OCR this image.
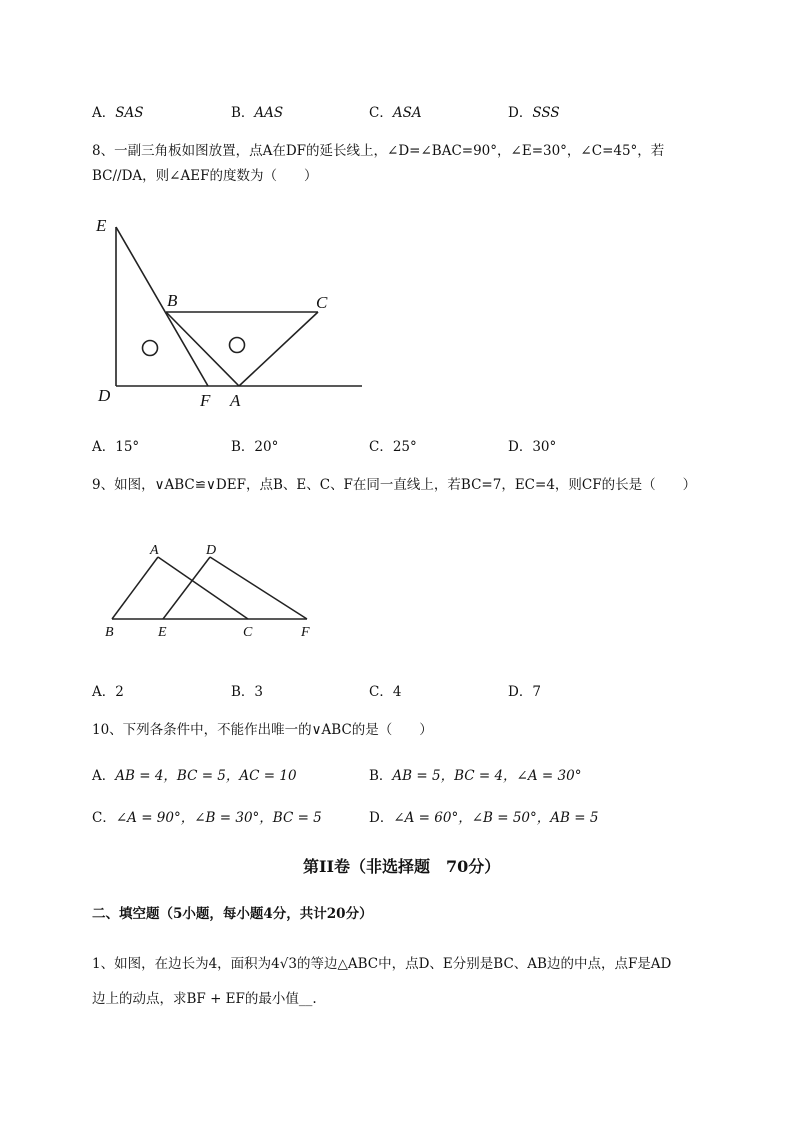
A．SAS	B．AAS	C．ASA	D．SSS
8、一副三角板如图放置，点A在DF的延长线上，∠D=∠BAC=90°，∠E=30°，∠C=45°，若
BC//DA，则∠AEF的度数为（　　）
E
B	C
D	F A
A．15°	B．20°	C．25°	D．30°
9、如图，∨ABC≌∨DEF，点B、E、C、F在同一直线上，若BC=7，EC=4，则CF的长是（　　）
A	D
B	E	C	F
A．2	B．3	C．4	D．7
10、下列各条件中，不能作出唯一的∨ABC的是（　　）
A．AB = 4，BC = 5，AC = 10	B．AB = 5，BC = 4，∠A = 30°
C．∠A = 90°，∠B = 30°，BC = 5	D．∠A = 60°，∠B = 50°，AB = 5
第II卷（非选择题　70分）
二、填空题（5小题，每小题4分，共计20分）
1、如图，在边长为4，面积为4√3的等边△ABC中，点D、E分别是BC、AB边的中点，点F是AD
边上的动点，求BF + EF的最小值__.
